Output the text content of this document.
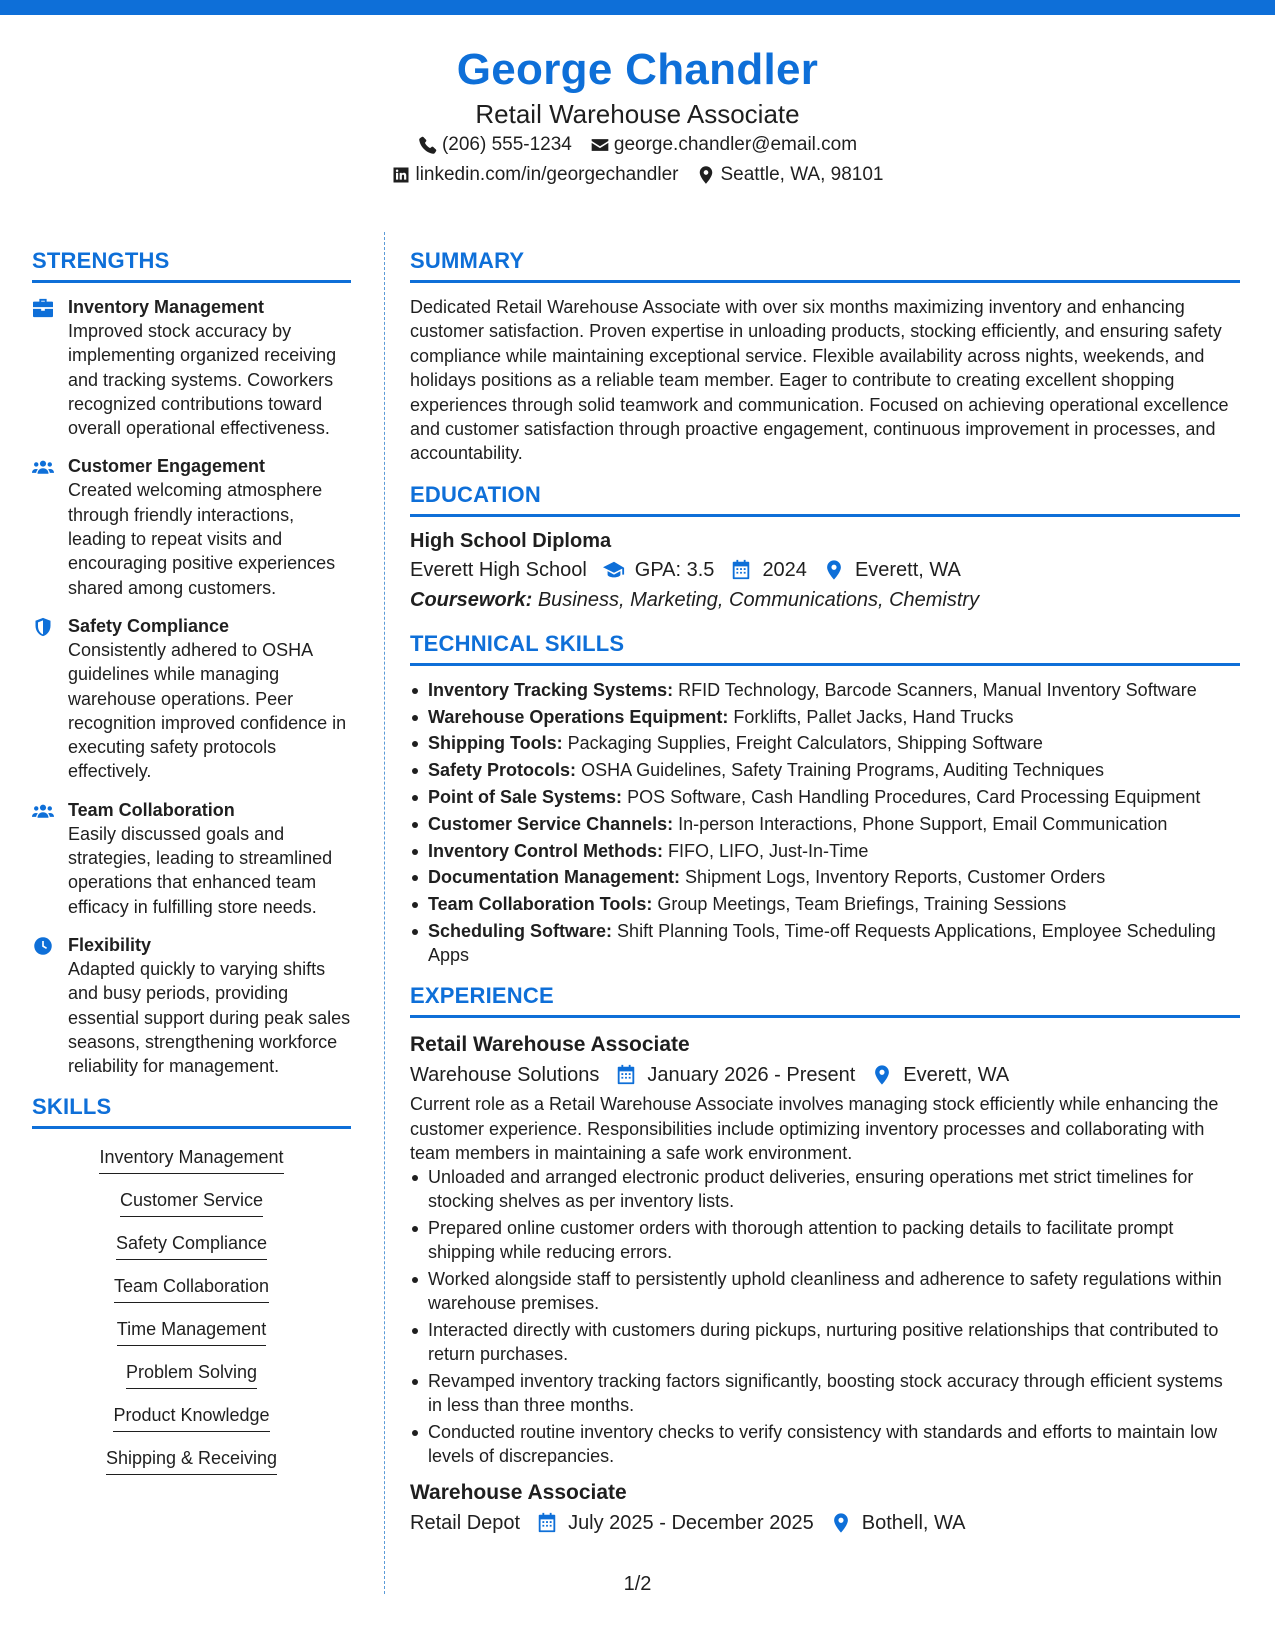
George Chandler
Retail Warehouse Associate
(206) 555-1234 george.chandler@email.com
linkedin.com/in/georgechandler Seattle, WA, 98101
STRENGTHS
Inventory Management
Improved stock accuracy by implementing organized receiving and tracking systems. Coworkers recognized contributions toward overall operational effectiveness.
Customer Engagement
Created welcoming atmosphere through friendly interactions, leading to repeat visits and encouraging positive experiences shared among customers.
Safety Compliance
Consistently adhered to OSHA guidelines while managing warehouse operations. Peer recognition improved confidence in executing safety protocols effectively.
Team Collaboration
Easily discussed goals and strategies, leading to streamlined operations that enhanced team efficacy in fulfilling store needs.
Flexibility
Adapted quickly to varying shifts and busy periods, providing essential support during peak sales seasons, strengthening workforce reliability for management.
SKILLS
Inventory Management
Customer Service
Safety Compliance
Team Collaboration
Time Management
Problem Solving
Product Knowledge
Shipping & Receiving
SUMMARY
Dedicated Retail Warehouse Associate with over six months maximizing inventory and enhancing customer satisfaction. Proven expertise in unloading products, stocking efficiently, and ensuring safety compliance while maintaining exceptional service. Flexible availability across nights, weekends, and holidays positions as a reliable team member. Eager to contribute to creating excellent shopping experiences through solid teamwork and communication. Focused on achieving operational excellence and customer satisfaction through proactive engagement, continuous improvement in processes, and accountability.
EDUCATION
High School Diploma
Everett High School GPA: 3.5 2024 Everett, WA
Coursework: Business, Marketing, Communications, Chemistry
TECHNICAL SKILLS
Inventory Tracking Systems: RFID Technology, Barcode Scanners, Manual Inventory Software
Warehouse Operations Equipment: Forklifts, Pallet Jacks, Hand Trucks
Shipping Tools: Packaging Supplies, Freight Calculators, Shipping Software
Safety Protocols: OSHA Guidelines, Safety Training Programs, Auditing Techniques
Point of Sale Systems: POS Software, Cash Handling Procedures, Card Processing Equipment
Customer Service Channels: In-person Interactions, Phone Support, Email Communication
Inventory Control Methods: FIFO, LIFO, Just-In-Time
Documentation Management: Shipment Logs, Inventory Reports, Customer Orders
Team Collaboration Tools: Group Meetings, Team Briefings, Training Sessions
Scheduling Software: Shift Planning Tools, Time-off Requests Applications, Employee Scheduling Apps
EXPERIENCE
Retail Warehouse Associate
Warehouse Solutions January 2026 - Present Everett, WA
Current role as a Retail Warehouse Associate involves managing stock efficiently while enhancing the customer experience. Responsibilities include optimizing inventory processes and collaborating with team members in maintaining a safe work environment.
Unloaded and arranged electronic product deliveries, ensuring operations met strict timelines for stocking shelves as per inventory lists.
Prepared online customer orders with thorough attention to packing details to facilitate prompt shipping while reducing errors.
Worked alongside staff to persistently uphold cleanliness and adherence to safety regulations within warehouse premises.
Interacted directly with customers during pickups, nurturing positive relationships that contributed to return purchases.
Revamped inventory tracking factors significantly, boosting stock accuracy through efficient systems in less than three months.
Conducted routine inventory checks to verify consistency with standards and efforts to maintain low levels of discrepancies.
Warehouse Associate
Retail Depot July 2025 - December 2025 Bothell, WA
1/2
